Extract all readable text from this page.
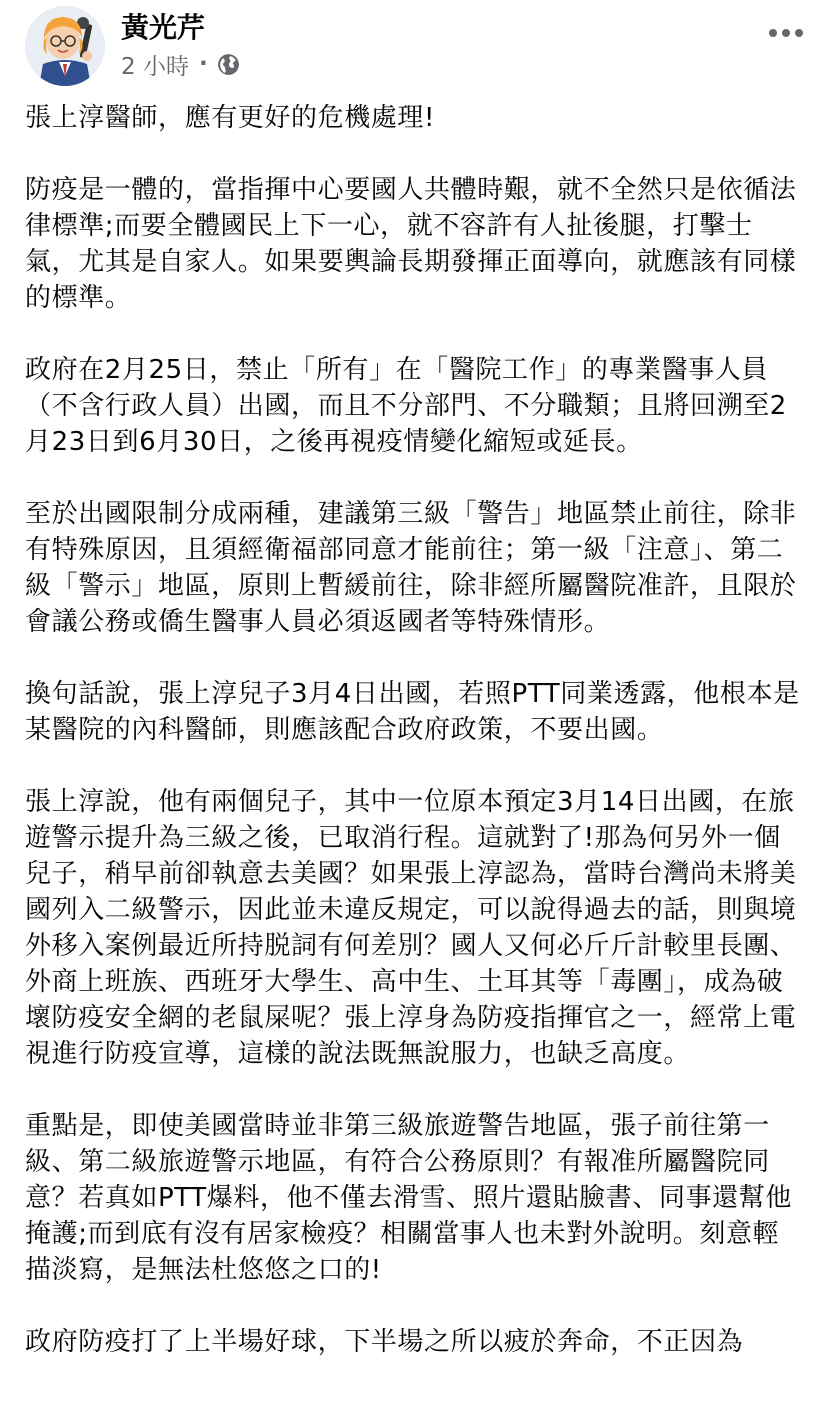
黃光芹
2 小時 ·

張上淳醫師，應有更好的危機處理!

防疫是一體的，當指揮中心要國人共體時艱，就不全然只是依循法律標準;而要全體國民上下一心，就不容許有人扯後腿，打擊士氣，尤其是自家人。如果要輿論長期發揮正面導向，就應該有同樣的標準。

政府在2月25日，禁止「所有」在「醫院工作」的專業醫事人員（不含行政人員）出國，而且不分部門、不分職類；且將回溯至2月23日到6月30日，之後再視疫情變化縮短或延長。

至於出國限制分成兩種，建議第三級「警告」地區禁止前往，除非有特殊原因，且須經衛福部同意才能前往；第一級「注意」、第二級「警示」地區，原則上暫緩前往，除非經所屬醫院准許，且限於會議公務或僑生醫事人員必須返國者等特殊情形。

換句話說，張上淳兒子3月4日出國，若照PTT同業透露，他根本是某醫院的內科醫師，則應該配合政府政策，不要出國。

張上淳說，他有兩個兒子，其中一位原本預定3月14日出國，在旅遊警示提升為三級之後，已取消行程。這就對了!那為何另外一個兒子，稍早前卻執意去美國？如果張上淳認為，當時台灣尚未將美國列入二級警示，因此並未違反規定，可以說得過去的話，則與境外移入案例最近所持脱詞有何差別？國人又何必斤斤計較里長團、外商上班族、西班牙大學生、高中生、土耳其等「毒團」，成為破壞防疫安全網的老鼠屎呢？張上淳身為防疫指揮官之一，經常上電視進行防疫宣導，這樣的說法既無說服力，也缺乏高度。

重點是，即使美國當時並非第三級旅遊警告地區，張子前往第一級、第二級旅遊警示地區，有符合公務原則？有報准所屬醫院同意？若真如PTT爆料，他不僅去滑雪、照片還貼臉書、同事還幫他掩護;而到底有沒有居家檢疫？相關當事人也未對外說明。刻意輕描淡寫，是無法杜悠悠之口的!

政府防疫打了上半場好球，下半場之所以疲於奔命，不正因為
